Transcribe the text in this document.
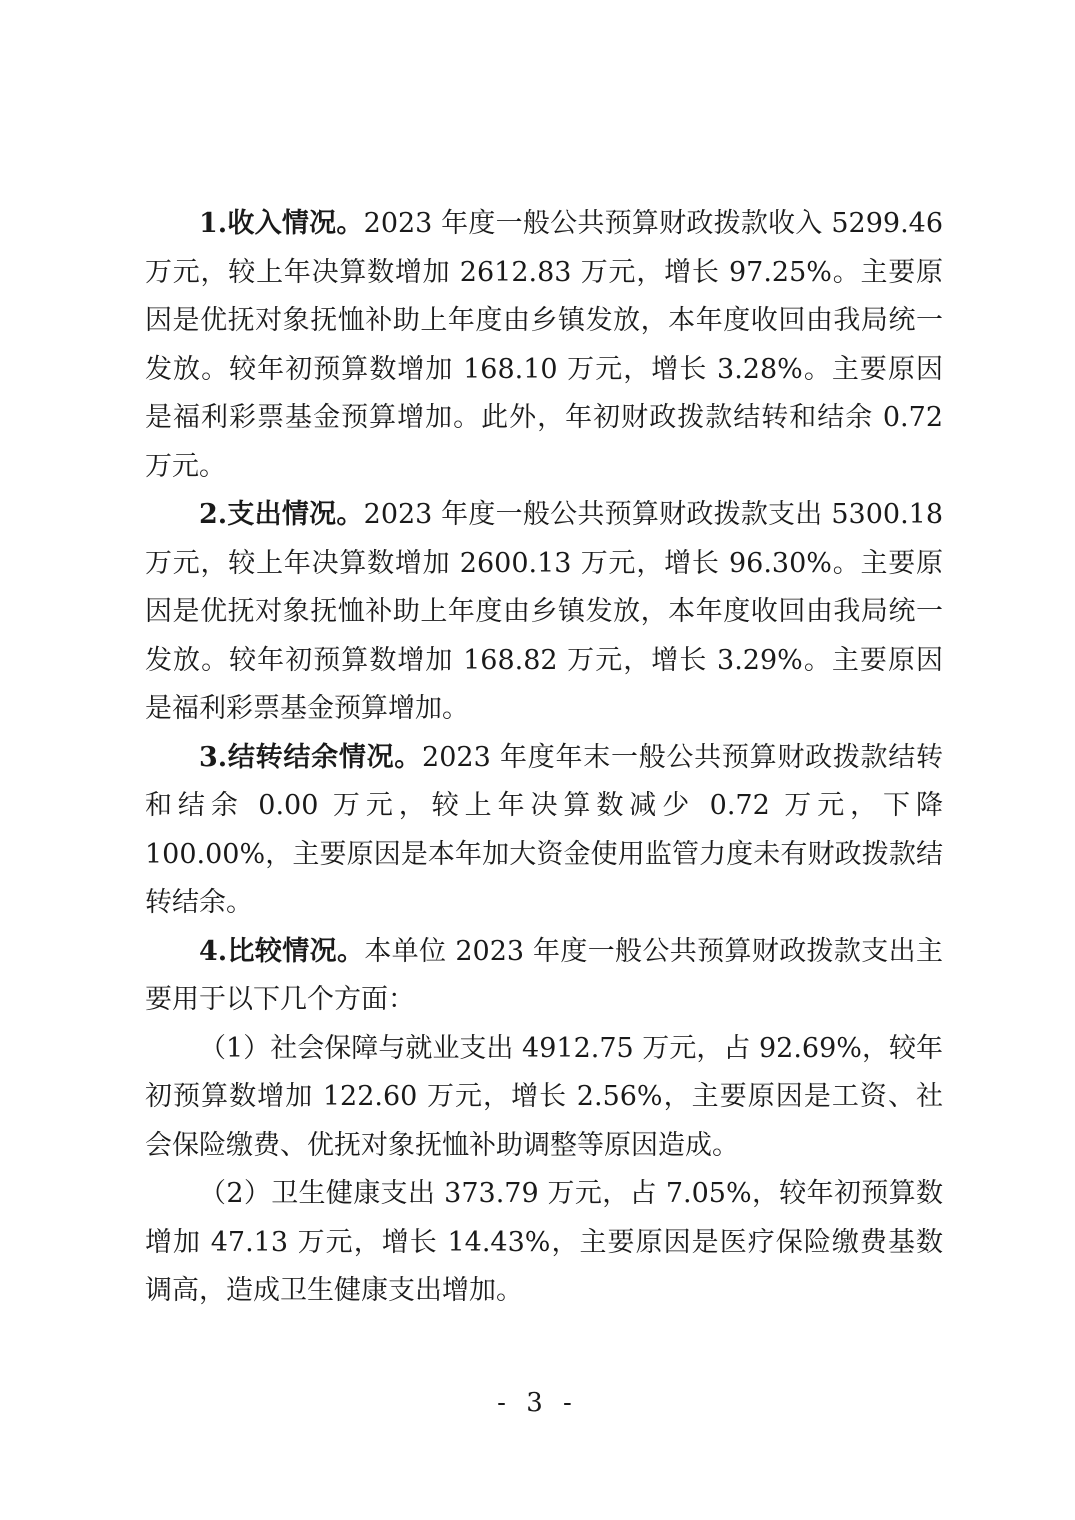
1.收入情况。2023 年度一般公共预算财政拨款收入 5299.46 万元，较上年决算数增加 2612.83 万元，增长 97.25%。主要原因是优抚对象抚恤补助上年度由乡镇发放，本年度收回由我局统一发放。较年初预算数增加 168.10 万元，增长 3.28%。主要原因是福利彩票基金预算增加。此外，年初财政拨款结转和结余 0.72 万元。

2.支出情况。2023 年度一般公共预算财政拨款支出 5300.18 万元，较上年决算数增加 2600.13 万元，增长 96.30%。主要原因是优抚对象抚恤补助上年度由乡镇发放，本年度收回由我局统一发放。较年初预算数增加 168.82 万元，增长 3.29%。主要原因是福利彩票基金预算增加。

3.结转结余情况。2023 年度年末一般公共预算财政拨款结转和结余 0.00 万元，较上年决算数减少 0.72 万元，下降 100.00%，主要原因是本年加大资金使用监管力度未有财政拨款结转结余。

4.比较情况。本单位 2023 年度一般公共预算财政拨款支出主要用于以下几个方面：

（1）社会保障与就业支出 4912.75 万元，占 92.69%，较年初预算数增加 122.60 万元，增长 2.56%，主要原因是工资、社会保险缴费、优抚对象抚恤补助调整等原因造成。

（2）卫生健康支出 373.79 万元，占 7.05%，较年初预算数增加 47.13 万元，增长 14.43%，主要原因是医疗保险缴费基数调高，造成卫生健康支出增加。

- 3 -
